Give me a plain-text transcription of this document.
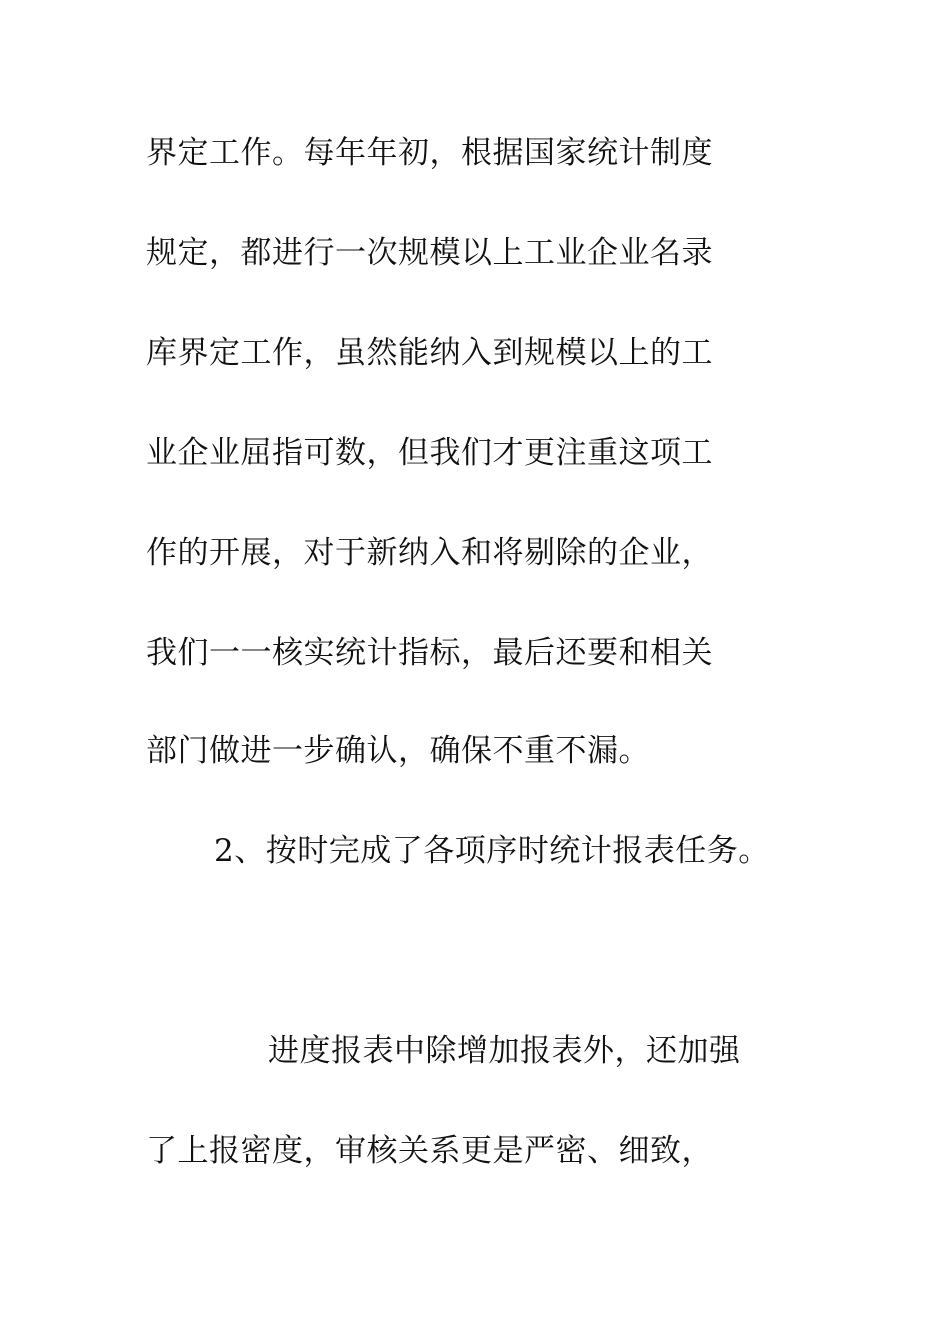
界定工作。每年年初，根据国家统计制度
规定，都进行一次规模以上工业企业名录
库界定工作，虽然能纳入到规模以上的工
业企业屈指可数，但我们才更注重这项工
作的开展，对于新纳入和将剔除的企业，
我们一一核实统计指标，最后还要和相关
部门做进一步确认，确保不重不漏。
2、按时完成了各项序时统计报表任务。
进度报表中除增加报表外，还加强
了上报密度，审核关系更是严密、细致，
